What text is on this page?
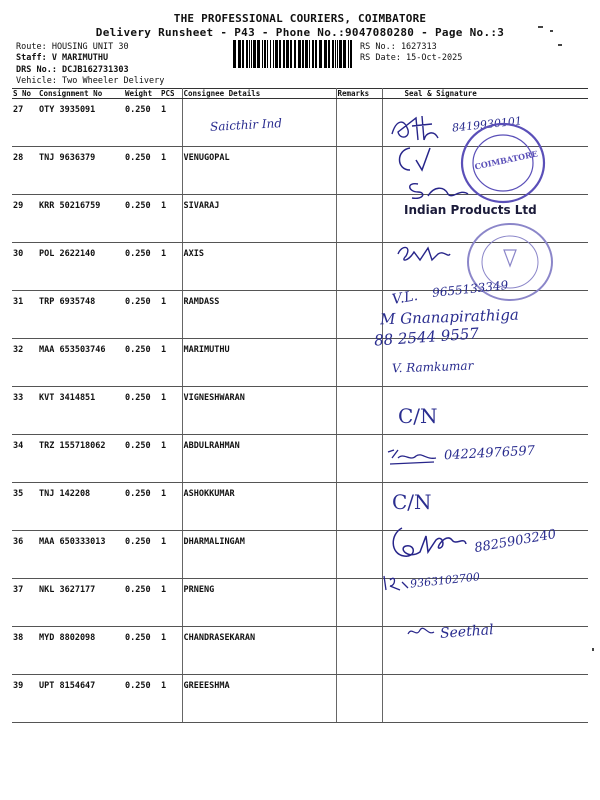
THE PROFESSIONAL COURIERS, COIMBATORE
Delivery Runsheet - P43 - Phone No.:9047080280 - Page No.:3
Route: HOUSING UNIT 30
Staff: V MARIMUTHU
DRS No.: DCJB162731303
Vehicle: Two Wheeler Delivery
RS No.: 1627313
RS Date: 15-Oct-2025
S No	Consignment No	Weight	PCS	Consignee Details	Remarks	Seal & Signature
27	OTY 3935091	0.250	1			
28	TNJ 9636379	0.250	1	VENUGOPAL		
29	KRR 50216759	0.250	1	SIVARAJ		
30	POL 2622140	0.250	1	AXIS		
31	TRP 6935748	0.250	1	RAMDASS		
32	MAA 653503746	0.250	1	MARIMUTHU		
33	KVT 3414851	0.250	1	VIGNESHWARAN		
34	TRZ 155718062	0.250	1	ABDULRAHMAN		
35	TNJ 142208	0.250	1	ASHOKKUMAR		
36	MAA 650333013	0.250	1	DHARMALINGAM		
37	NKL 3627177	0.250	1	PRNENG		
38	MYD 8802098	0.250	1	CHANDRASEKARAN		
39	UPT 8154647	0.250	1	GREEESHMA		
Saicthir Ind	8419930101
COIMBATORE
Indian Products Ltd
V.L. 9655133349
M Gnanapirathiga
88 2544 9557
V. Ramkumar
C/N
04224976597
C/N
8825903240
9363102700
Seethal
